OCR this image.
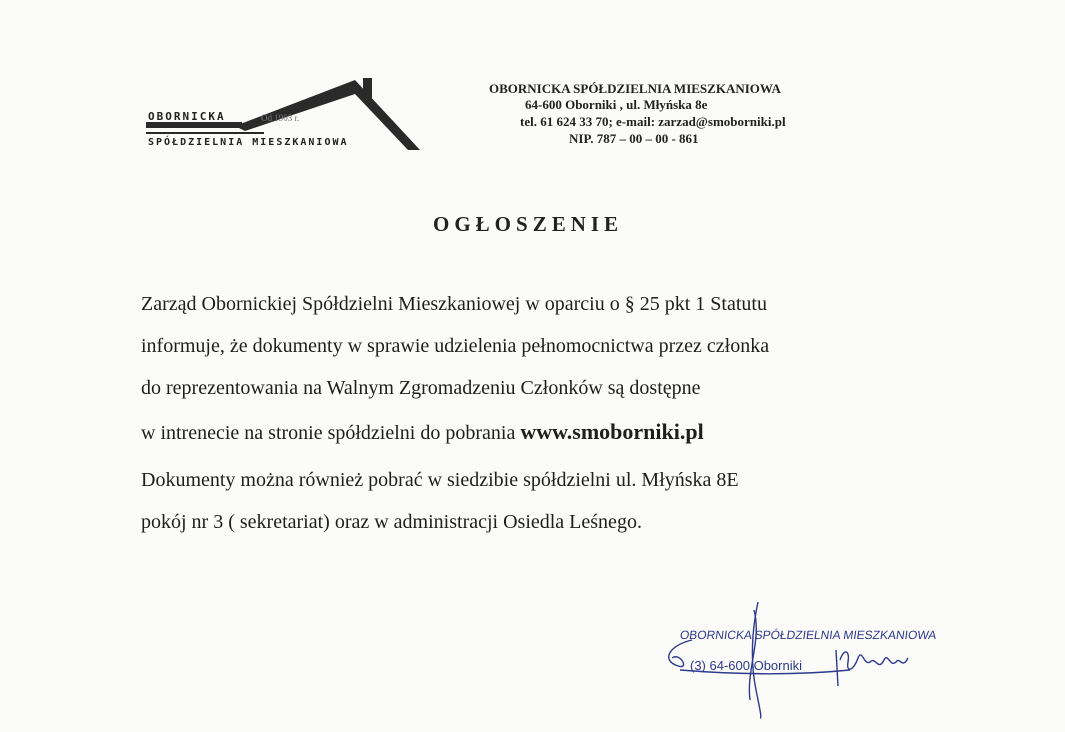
OBORNICKA	Od 1903 r.
SPÓŁDZIELNIA MIESZKANIOWA
OBORNICKA SPÓŁDZIELNIA MIESZKANIOWA
64-600 Oborniki , ul. Młyńska 8e
tel. 61 624 33 70; e-mail: zarzad@smoborniki.pl
NIP. 787 – 00 – 00 - 861
OGŁOSZENIE
Zarząd Obornickiej Spółdzielni Mieszkaniowej w oparciu o § 25 pkt 1 Statutu
informuje, że dokumenty w sprawie udzielenia pełnomocnictwa przez członka
do reprezentowania na Walnym Zgromadzeniu Członków są dostępne
w intrenecie na stronie spółdzielni do pobrania www.smoborniki.pl
Dokumenty można również pobrać w siedzibie spółdzielni ul. Młyńska 8E
pokój nr 3 ( sekretariat) oraz w administracji Osiedla Leśnego.
OBORNICKA SPÓŁDZIELNIA MIESZKANIOWA
(3) 64-600 Oborniki
